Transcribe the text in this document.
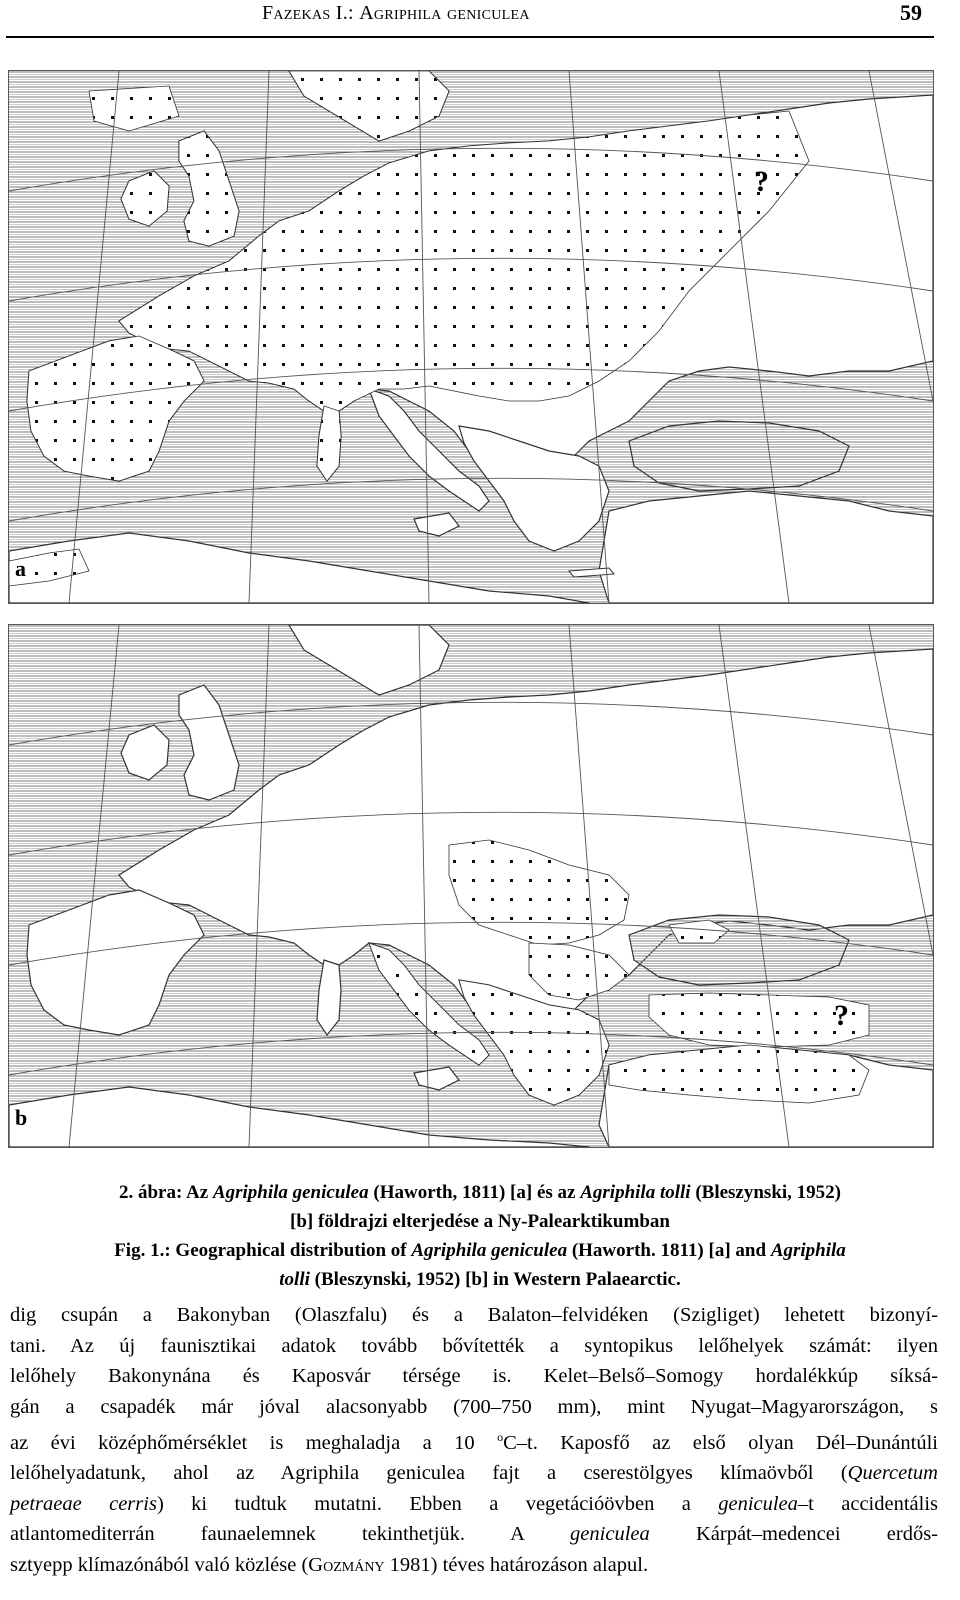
Fazekas I.: Agriphila geniculea	59
?
a
?
b
2. ábra: Az Agriphila geniculea (Haworth, 1811) [a] és az Agriphila tolli (Bleszynski, 1952)
[b] földrajzi elterjedése a Ny-Palearktikumban
Fig. 1.: Geographical distribution of Agriphila geniculea (Haworth. 1811) [a] and Agriphila
tolli (Bleszynski, 1952) [b] in Western Palaearctic.
dig csupán a Bakonyban (Olaszfalu) és a Balaton–felvidéken (Szigliget) lehetett bizonyí-
tani. Az új faunisztikai adatok tovább bővítették a syntopikus lelőhelyek számát: ilyen
lelőhely Bakonynána és Kaposvár térsége is. Kelet–Belső–Somogy hordalékkúp síksá-
gán a csapadék már jóval alacsonyabb (700–750 mm), mint Nyugat–Magyarországon, s
az évi középhőmérséklet is meghaladja a 10 $^o$C–t. Kaposfő az első olyan Dél–Dunántúli
lelőhelyadatunk, ahol az Agriphila geniculea fajt a cserestölgyes klímaövből (Quercetum
petraeae cerris) ki tudtuk mutatni. Ebben a vegetációövben a geniculea–t accidentális
atlantomediterrán faunaelemnek tekinthetjük. A geniculea Kárpát–medencei erdős-
sztyepp klímazónából való közlése (Gozmány 1981) téves határozáson alapul.
